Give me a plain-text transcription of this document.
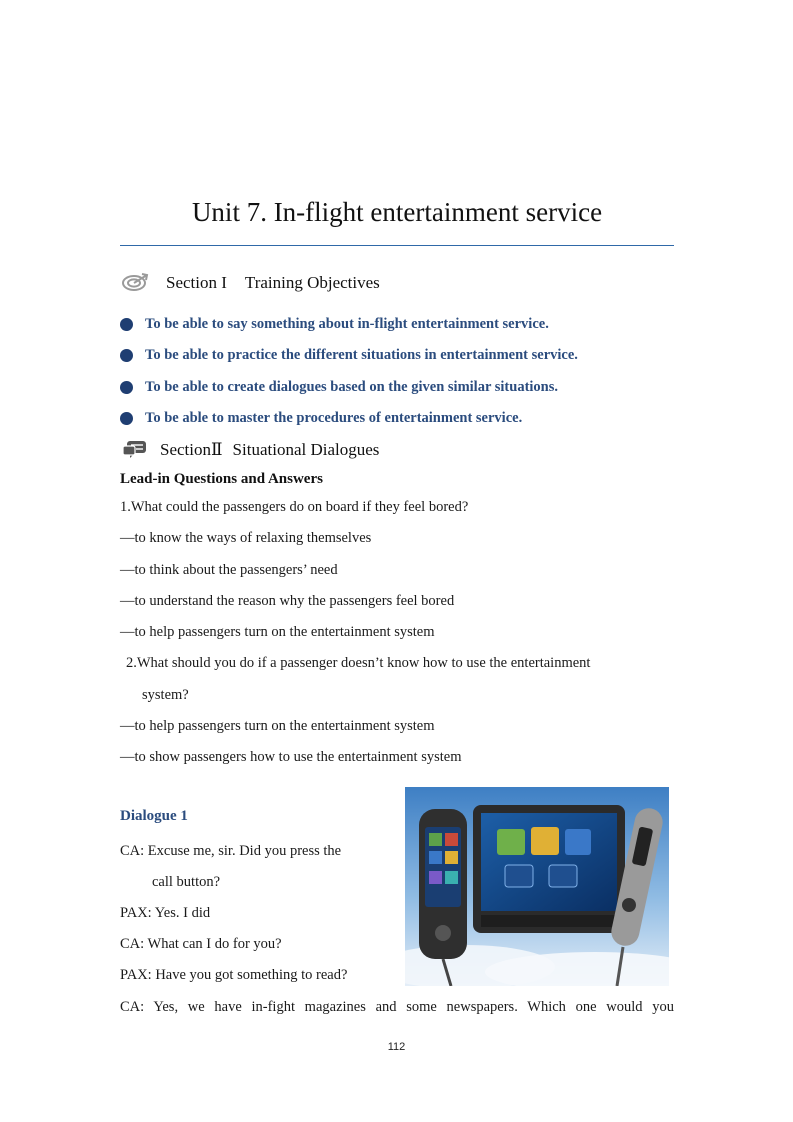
Unit 7. In-flight entertainment service
Section I Training Objectives
To be able to say something about in-flight entertainment service.
To be able to practice the different situations in entertainment service.
To be able to create dialogues based on the given similar situations.
To be able to master the procedures of entertainment service.
SectionⅡ Situational Dialogues
Lead-in Questions and Answers
1.What could the passengers do on board if they feel bored?
—to know the ways of relaxing themselves
—to think about the passengers’ need
—to understand the reason why the passengers feel bored
—to help passengers turn on the entertainment system
2.What should you do if a passenger doesn’t know how to use the entertainment
system?
—to help passengers turn on the entertainment system
—to show passengers how to use the entertainment system
Dialogue 1
CA: Excuse me, sir. Did you press the
call button?
PAX: Yes. I did
CA: What can I do for you?
PAX: Have you got something to read?
CA: Yes, we have in-fight magazines and some newspapers. Which one would you
112
